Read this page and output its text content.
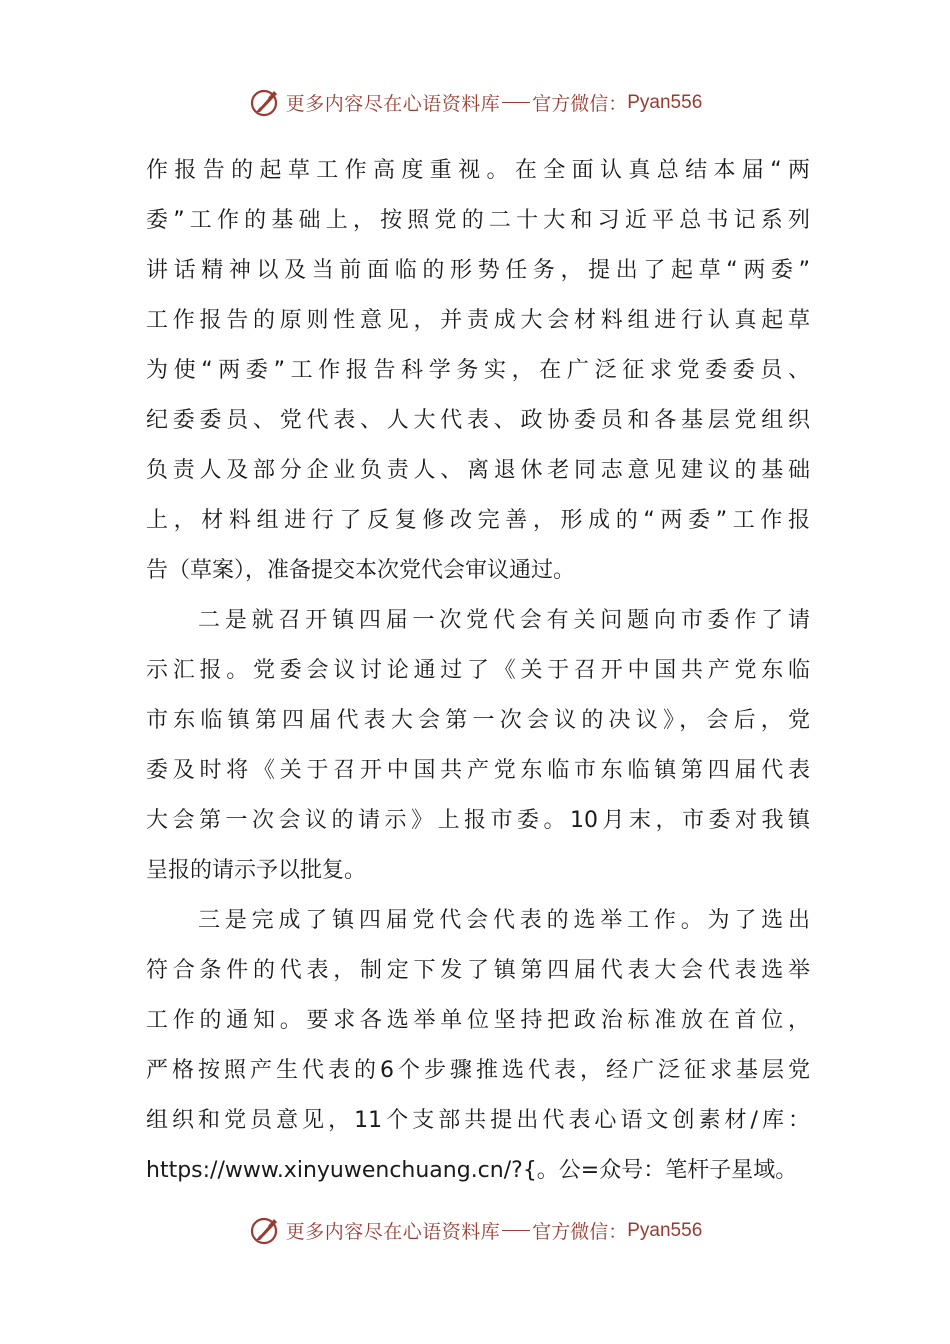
更多内容尽在心语资料库 官方微信： Pyan556
作报告的起草工作高度重视。在全面认真总结本届“两
委”工作的基础上，按照党的二十大和习近平总书记系列
讲话精神以及当前面临的形势任务，提出了起草“两委”
工作报告的原则性意见，并责成大会材料组进行认真起草
为使“两委”工作报告科学务实，在广泛征求党委委员、
纪委委员、党代表、人大代表、政协委员和各基层党组织
负责人及部分企业负责人、离退休老同志意见建议的基础
上，材料组进行了反复修改完善，形成的“两委”工作报
告（草案），准备提交本次党代会审议通过。
二是就召开镇四届一次党代会有关问题向市委作了请
示汇报。党委会议讨论通过了《关于召开中国共产党东临
市东临镇第四届代表大会第一次会议的决议》，会后，党
委及时将《关于召开中国共产党东临市东临镇第四届代表
大会第一次会议的请示》上报市委。10月末，市委对我镇
呈报的请示予以批复。
三是完成了镇四届党代会代表的选举工作。为了选出
符合条件的代表，制定下发了镇第四届代表大会代表选举
工作的通知。要求各选举单位坚持把政治标准放在首位，
严格按照产生代表的6个步骤推选代表，经广泛征求基层党
组织和党员意见，11个支部共提出代表心语文创素材/库：
https://www.xinyuwenchuang.cn/?{。公=众号：笔杆子星域。
更多内容尽在心语资料库 官方微信： Pyan556
